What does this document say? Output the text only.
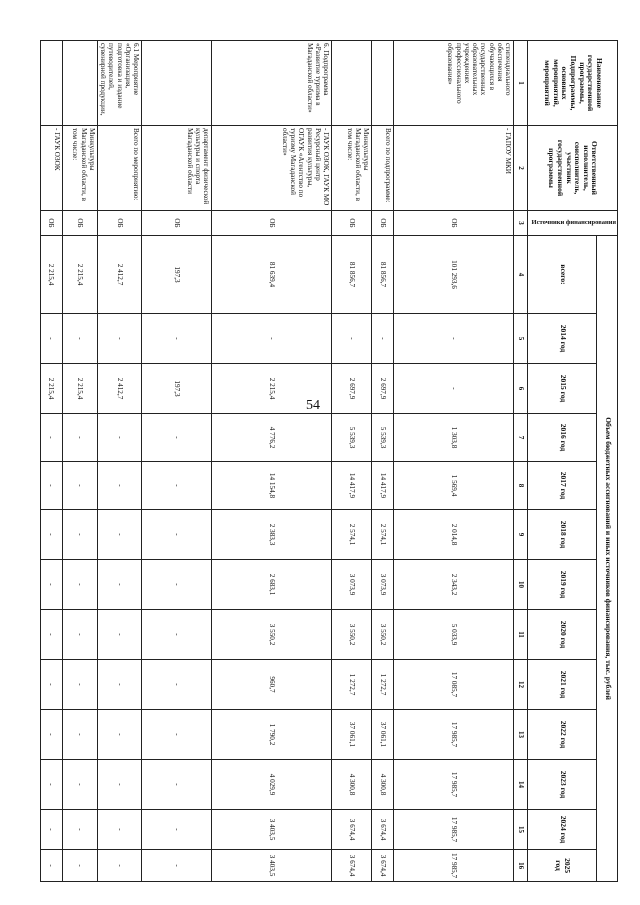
54
Наименование государственной программы, Подпрограммы, основных мероприятий, мероприятий	Ответственный исполнитель, соисполнитель, участник государственной программы	Источники финансирования	Объем бюджетных ассигнований и иных источников финансирования, тыс. рублей												
			всего:	2014 год	2015 год	2016 год	2017 год	2018 год	2019 год	2020 год	2021 год	2022 год	2023 год	2024 год	2025 год
1	2	3	4	5	6	7	8	9	10	11	12	13	14	15	16
стипендиального обеспечения обучающихся в государственных образовательных учреждениях профессионального образования»	- ГАПОУ МКИ	ОБ	101 293,6	-	-	1 303,8	1 569,4	2 014,8	2 343,2	5 033,9	17 085,7	17 985,7	17 985,7	17 985,7	17 985,7
	Всего по подпрограмме:	ОБ	81 856,7	-	2 697,9	5 539,3	14 417,9	2 574,1	3 073,9	3 550,2	1 272,7	37 061,1	4 300,8	3 674,4	3 674,4
	Минкультуры Магаданской области, в том числе:	ОБ	81 856,7	-	2 697,9	5 539,3	14 417,9	2 574,1	3 073,9	3 550,2	1 272,7	37 061,1	4 300,8	3 674,4	3 674,4
6. Подпрограмма «Развитие туризма в Магаданской области»	- ГАУК ОЗОК, ГАУК МО Ресурсный центр развития культуры, ОГАУК «Агентство по туризму Магаданской области»	ОБ	81 639,4	-	2 215,4	4 776,2	14 154,8	2 383,3	2 683,1	3 550,2	960,7	1 790,2	4 029,9	3 403,5	3 403,5
	департамент физической культуры и спорта Магаданской области	ОБ	197,3	-	197,3	-	-	-	-	-	-	-	-	-	-
6.1 Мероприятие «Организация, подготовка и издание путеводителей, сувенирной продукции,	Всего по мероприятию:	ОБ	2 412,7	-	2 412,7	-	-	-	-	-	-	-	-	-	-
	Минкультуры Магаданской области, в том числе:	ОБ	2 215,4	-	2 215,4	-	-	-	-	-	-	-	-	-	-
	- ГАУК ОЗОК	ОБ	2 215,4	-	2 215,4	-	-	-	-	-	-	-	-	-	-
